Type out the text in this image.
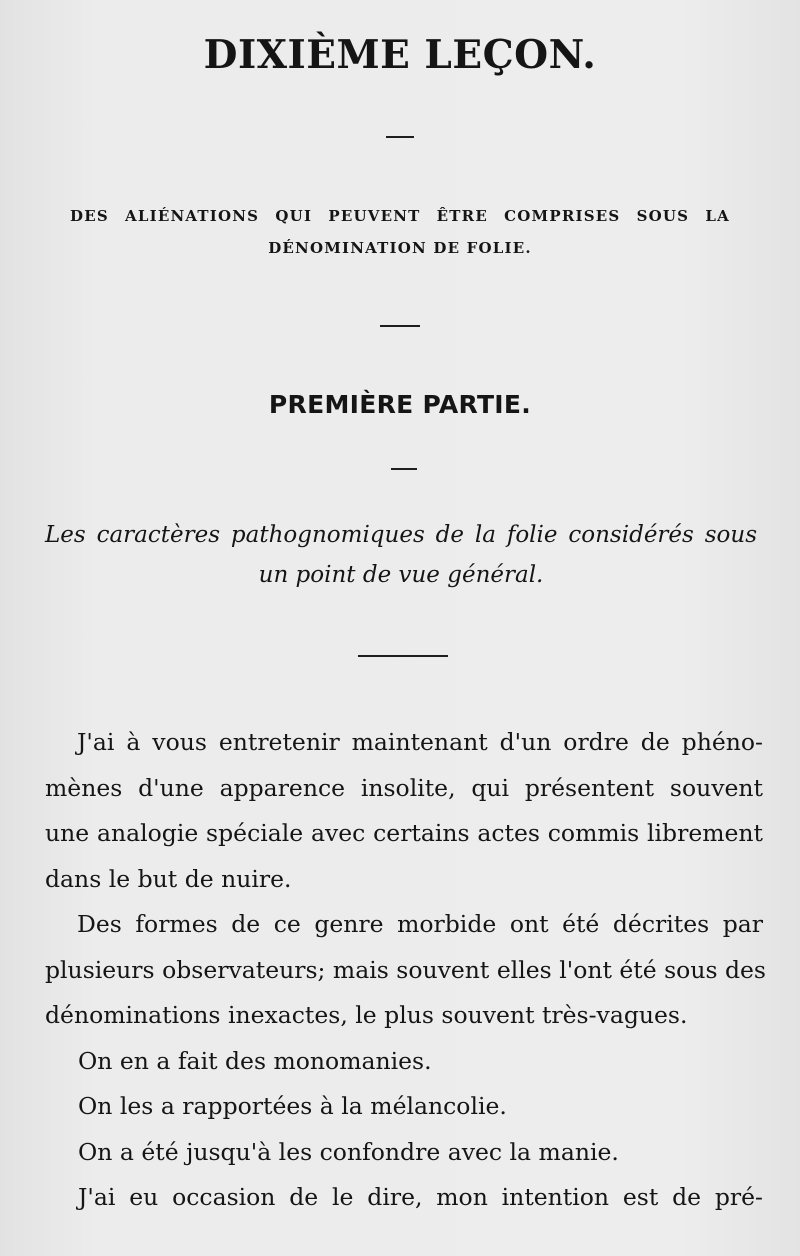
DIXIÈME LEÇON.
DES ALIÉNATIONS QUI PEUVENT ÊTRE COMPRISES SOUS LA
DÉNOMINATION DE FOLIE.
PREMIÈRE PARTIE.
Les caractères pathognomiques de la folie considérés sous
un point de vue général.
J'ai à vous entretenir maintenant d'un ordre de phéno-
mènes d'une apparence insolite, qui présentent souvent
une analogie spéciale avec certains actes commis librement
dans le but de nuire.
Des formes de ce genre morbide ont été décrites par
plusieurs observateurs; mais souvent elles l'ont été sous des
dénominations inexactes, le plus souvent très-vagues.
On en a fait des monomanies.
On les a rapportées à la mélancolie.
On a été jusqu'à les confondre avec la manie.
J'ai eu occasion de le dire, mon intention est de pré-
